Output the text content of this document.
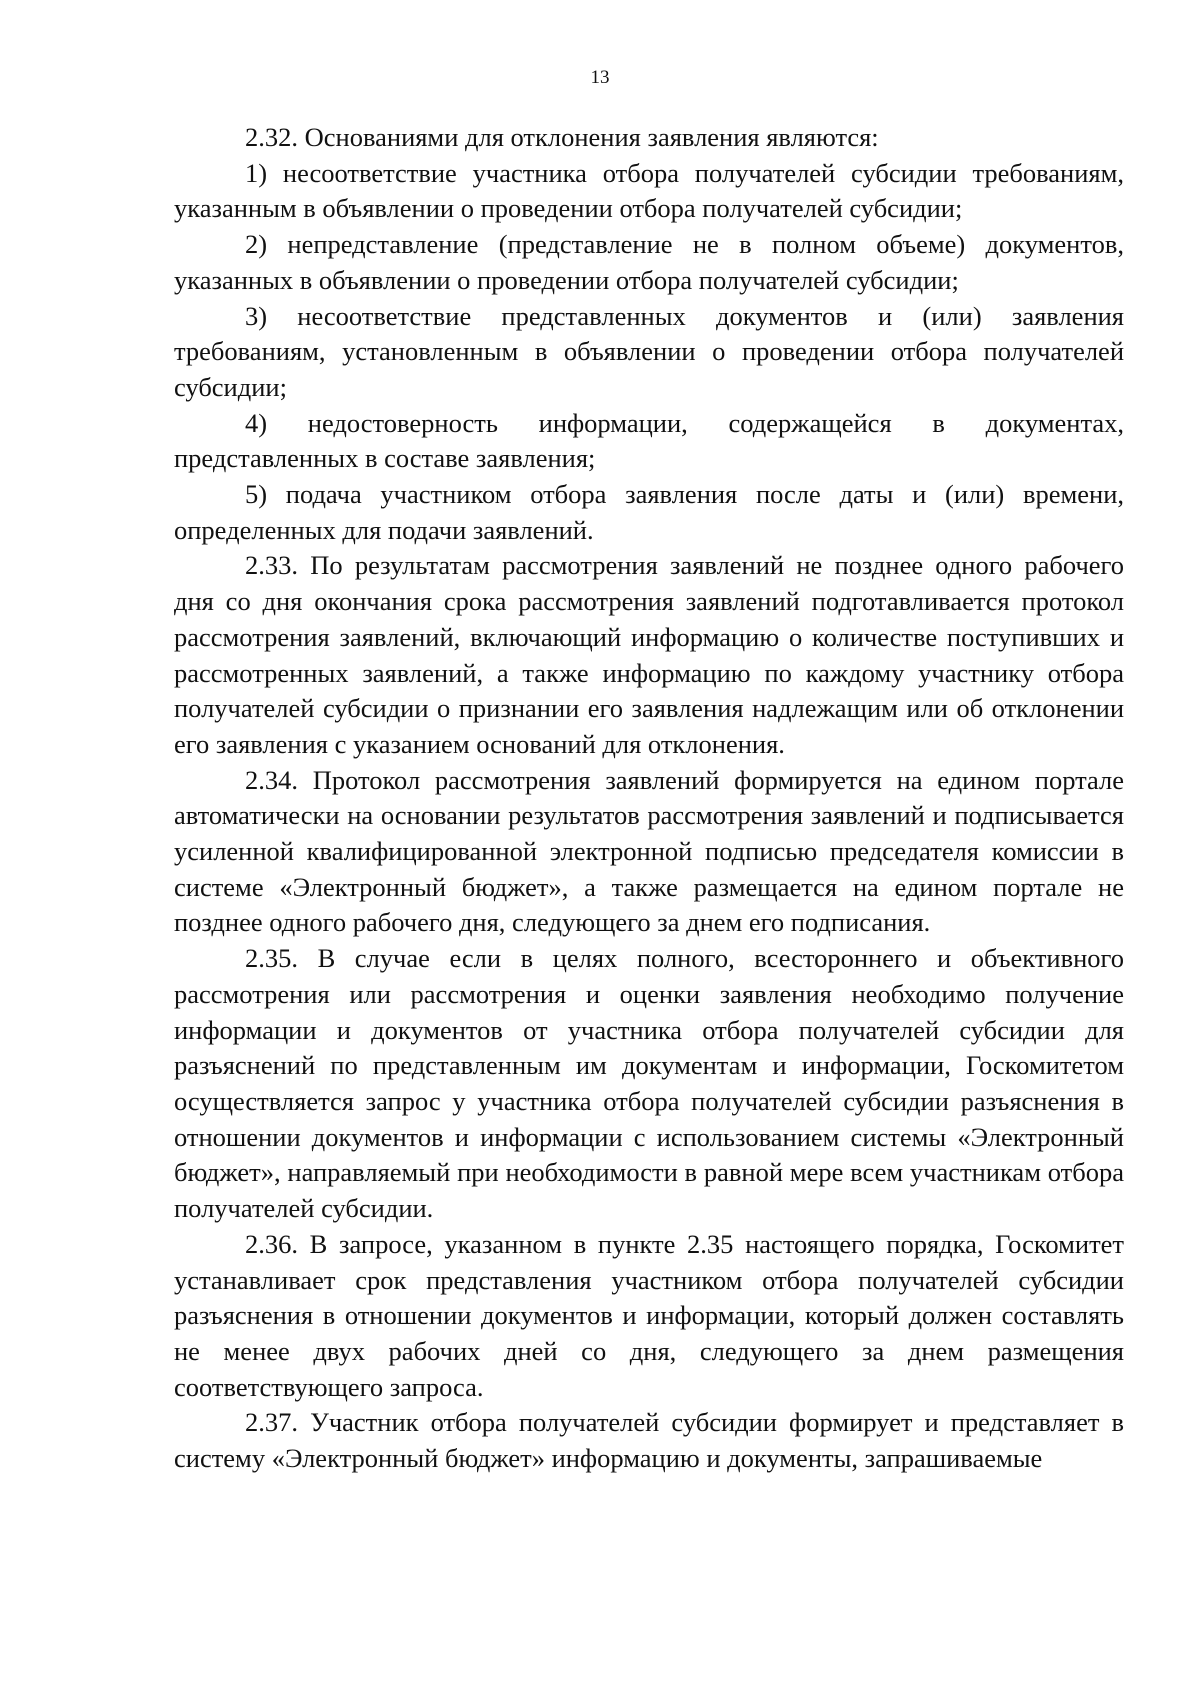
13

2.32. Основаниями для отклонения заявления являются:

1) несоответствие участника отбора получателей субсидии требованиям, указанным в объявлении о проведении отбора получателей субсидии;

2) непредставление (представление не в полном объеме) документов, указанных в объявлении о проведении отбора получателей субсидии;

3) несоответствие представленных документов и (или) заявления требованиям, установленным в объявлении о проведении отбора получателей субсидии;

4) недостоверность информации, содержащейся в документах, представленных в составе заявления;

5) подача участником отбора заявления после даты и (или) времени, определенных для подачи заявлений.

2.33. По результатам рассмотрения заявлений не позднее одного рабочего дня со дня окончания срока рассмотрения заявлений подготавливается протокол рассмотрения заявлений, включающий информацию о количестве поступивших и рассмотренных заявлений, а также информацию по каждому участнику отбора получателей субсидии о признании его заявления надлежащим или об отклонении его заявления с указанием оснований для отклонения.

2.34. Протокол рассмотрения заявлений формируется на едином портале автоматически на основании результатов рассмотрения заявлений и подписывается усиленной квалифицированной электронной подписью председателя комиссии в системе «Электронный бюджет», а также размещается на едином портале не позднее одного рабочего дня, следующего за днем его подписания.

2.35. В случае если в целях полного, всестороннего и объективного рассмотрения или рассмотрения и оценки заявления необходимо получение информации и документов от участника отбора получателей субсидии для разъяснений по представленным им документам и информации, Госкомитетом осуществляется запрос у участника отбора получателей субсидии разъяснения в отношении документов и информации с использованием системы «Электронный бюджет», направляемый при необходимости в равной мере всем участникам отбора получателей субсидии.

2.36. В запросе, указанном в пункте 2.35 настоящего порядка, Госкомитет устанавливает срок представления участником отбора получателей субсидии разъяснения в отношении документов и информации, который должен составлять не менее двух рабочих дней со дня, следующего за днем размещения соответствующего запроса.

2.37. Участник отбора получателей субсидии формирует и представляет в систему «Электронный бюджет» информацию и документы, запрашиваемые
